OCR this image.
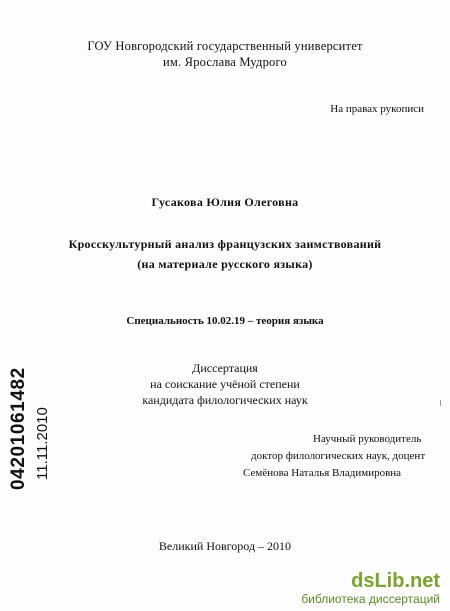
ГОУ Новгородский государственный университет
им. Ярослава Мудрого
На правах рукописи
Гусакова Юлия Олеговна
Кросскультурный анализ французских заимствований
(на материале русского языка)
Специальность 10.02.19 – теория языка
Диссертация
на соискание учёной степени
кандидата филологических наук
Научный руководитель
доктор филологических наук, доцент
Семёнова Наталья Владимировна
Великий Новгород – 2010
04201061482 11.11.2010
dsLib.net
библиотека диссертаций
